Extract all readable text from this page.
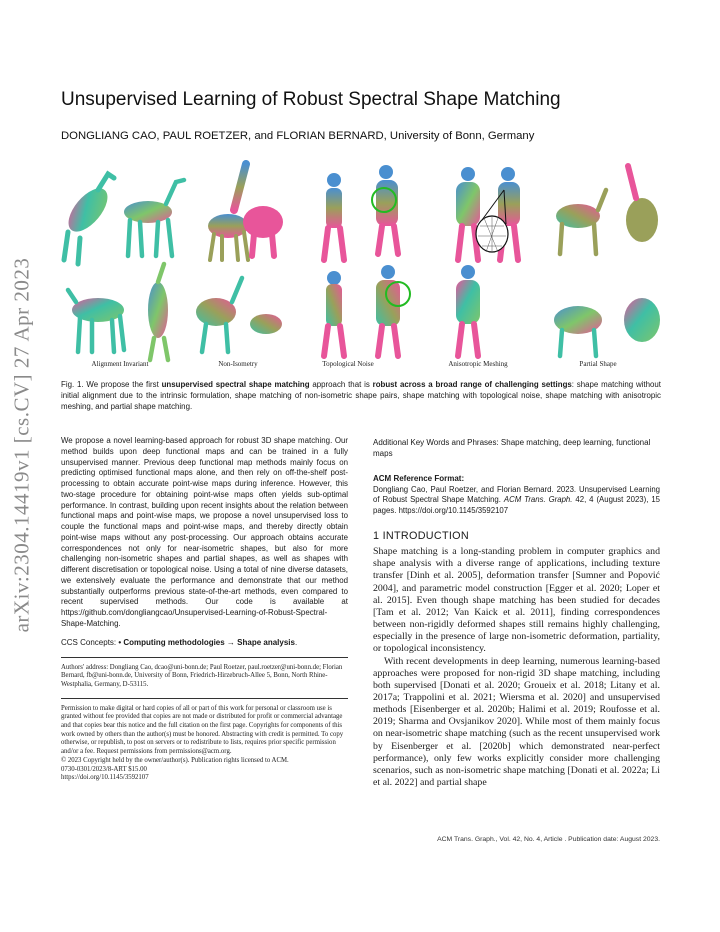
arXiv:2304.14419v1 [cs.CV] 27 Apr 2023
Unsupervised Learning of Robust Spectral Shape Matching
DONGLIANG CAO, PAUL ROETZER, and FLORIAN BERNARD, University of Bonn, Germany
Alignment Invariant	Non-Isometry	Topological Noise	Anisotropic Meshing	Partial Shape
Fig. 1. We propose the first unsupervised spectral shape matching approach that is robust across a broad range of challenging settings: shape matching without initial alignment due to the intrinsic formulation, shape matching of non-isometric shape pairs, shape matching with topological noise, shape matching with anisotropic meshing, and partial shape matching.

We propose a novel learning-based approach for robust 3D shape matching. Our method builds upon deep functional maps and can be trained in a fully unsupervised manner. Previous deep functional map methods mainly focus on predicting optimised functional maps alone, and then rely on off-the-shelf post-processing to obtain accurate point-wise maps during inference. However, this two-stage procedure for obtaining point-wise maps often yields sub-optimal performance. In contrast, building upon recent insights about the relation between functional maps and point-wise maps, we propose a novel unsupervised loss to couple the functional maps and point-wise maps, and thereby directly obtain point-wise maps without any post-processing. Our approach obtains accurate correspondences not only for near-isometric shapes, but also for more challenging non-isometric shapes and partial shapes, as well as shapes with different discretisation or topological noise. Using a total of nine diverse datasets, we extensively evaluate the performance and demonstrate that our method substantially outperforms previous state-of-the-art methods, even compared to recent supervised methods. Our code is available at https://github.com/dongliangcao/Unsupervised-Learning-of-Robust-Spectral-Shape-Matching.

CCS Concepts: • Computing methodologies → Shape analysis.

Authors' address: Dongliang Cao, dcao@uni-bonn.de; Paul Roetzer, paul.roetzer@uni-bonn.de; Florian Bernard, fb@uni-bonn.de, University of Bonn, Friedrich-Hirzebruch-Allee 5, Bonn, North Rhine-Westphalia, Germany, D-53115.

Permission to make digital or hard copies of all or part of this work for personal or classroom use is granted without fee provided that copies are not made or distributed for profit or commercial advantage and that copies bear this notice and the full citation on the first page. Copyrights for components of this work owned by others than the author(s) must be honored. Abstracting with credit is permitted. To copy otherwise, or republish, to post on servers or to redistribute to lists, requires prior specific permission and/or a fee. Request permissions from permissions@acm.org.

© 2023 Copyright held by the owner/author(s). Publication rights licensed to ACM.

0730-0301/2023/8-ART $15.00

https://doi.org/10.1145/3592107

Additional Key Words and Phrases: Shape matching, deep learning, functional maps

ACM Reference Format:

Dongliang Cao, Paul Roetzer, and Florian Bernard. 2023. Unsupervised Learning of Robust Spectral Shape Matching. ACM Trans. Graph. 42, 4 (August 2023), 15 pages. https://doi.org/10.1145/3592107

1 INTRODUCTION

Shape matching is a long-standing problem in computer graphics and shape analysis with a diverse range of applications, including texture transfer [Dinh et al. 2005], deformation transfer [Sumner and Popović 2004], and parametric model construction [Egger et al. 2020; Loper et al. 2015]. Even though shape matching has been studied for decades [Tam et al. 2012; Van Kaick et al. 2011], finding correspondences between non-rigidly deformed shapes still remains highly challenging, especially in the presence of large non-isometric deformation, partiality, or topological inconsistency.

With recent developments in deep learning, numerous learning-based approaches were proposed for non-rigid 3D shape matching, including both supervised [Donati et al. 2020; Groueix et al. 2018; Litany et al. 2017a; Trappolini et al. 2021; Wiersma et al. 2020] and unsupervised methods [Eisenberger et al. 2020b; Halimi et al. 2019; Roufosse et al. 2019; Sharma and Ovsjanikov 2020]. While most of them mainly focus on near-isometric shape matching (such as the recent unsupervised work by Eisenberger et al. [2020b] which demonstrated near-perfect performance), only few works explicitly consider more challenging scenarios, such as non-isometric shape matching [Donati et al. 2022a; Li et al. 2022] and partial shape

ACM Trans. Graph., Vol. 42, No. 4, Article . Publication date: August 2023.
